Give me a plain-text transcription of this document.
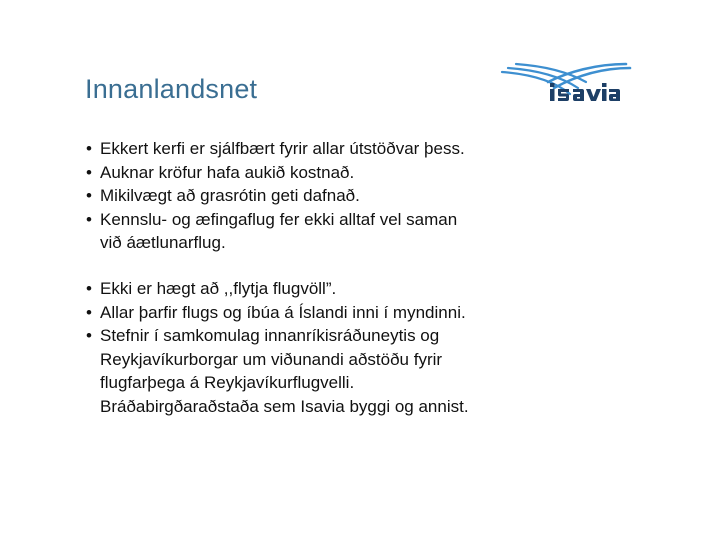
Innanlandsnet
• Ekkert kerfi er sjálfbært fyrir allar útstöðvar þess.
• Auknar kröfur hafa aukið kostnað.
• Mikilvægt að grasrótin geti dafnað.
• Kennslu- og æfingaflug fer ekki alltaf vel saman
við áætlunarflug.
• Ekki er hægt að ,,flytja flugvöll”.
• Allar þarfir flugs og íbúa á Íslandi inni í myndinni.
• Stefnir í samkomulag innanríkisráðuneytis og
Reykjavíkurborgar um viðunandi aðstöðu fyrir
flugfarþega á Reykjavíkurflugvelli.
Bráðabirgðaraðstaða sem Isavia byggi og annist.
